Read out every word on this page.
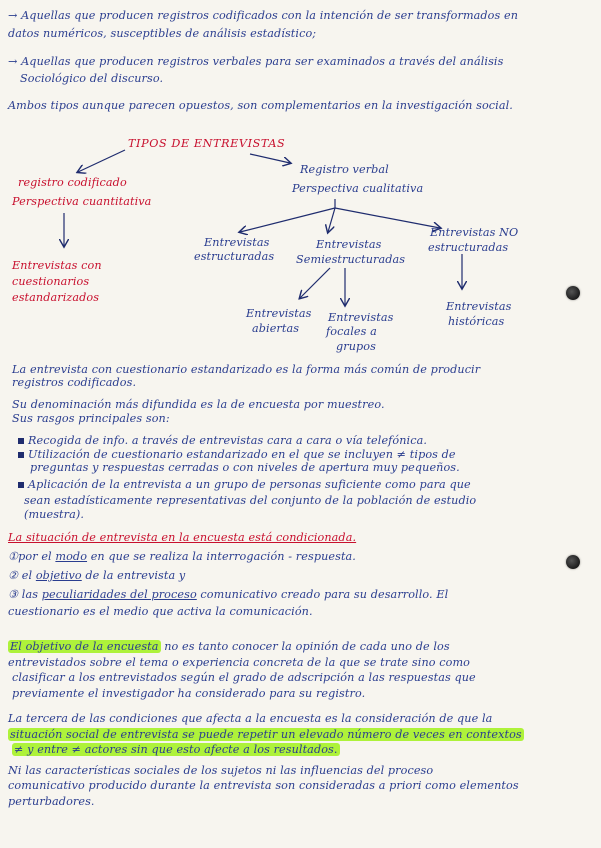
→ Aquellas que producen registros codificados con la intención de ser transformados en
datos numéricos, susceptibles de análisis estadístico;
→ Aquellas que producen registros verbales para ser examinados a través del análisis
Sociológico del discurso.
Ambos tipos aunque parecen opuestos, son complementarios en la investigación social.
TIPOS DE ENTREVISTAS
registro codificado
Perspectiva cuantitativa
Entrevistas con
cuestionarios
estandarizados
Registro verbal
Perspectiva cualitativa
Entrevistas
estructuradas
Entrevistas
Semiestructuradas
Entrevistas NO
estructuradas
Entrevistas
abiertas
Entrevistas
focales a
grupos
Entrevistas
históricas
La entrevista con cuestionario estandarizado es la forma más común de producir
registros codificados.
Su denominación más difundida es la de encuesta por muestreo.
Sus rasgos principales son:
Recogida de info. a través de entrevistas cara a cara o vía telefónica.
Utilización de cuestionario estandarizado en el que se incluyen ≠ tipos de
preguntas y respuestas cerradas o con niveles de apertura muy pequeños.
Aplicación de la entrevista a un grupo de personas suficiente como para que
sean estadísticamente representativas del conjunto de la población de estudio
(muestra).
La situación de entrevista en la encuesta está condicionada.
①por el modo en que se realiza la interrogación - respuesta.
② el objetivo de la entrevista y
③ las peculiaridades del proceso comunicativo creado para su desarrollo. El
cuestionario es el medio que activa la comunicación.
El objetivo de la encuesta no es tanto conocer la opinión de cada uno de los
entrevistados sobre el tema o experiencia concreta de la que se trate sino como
clasificar a los entrevistados según el grado de adscripción a las respuestas que
previamente el investigador ha considerado para su registro.
La tercera de las condiciones que afecta a la encuesta es la consideración de que la
situación social de entrevista se puede repetir un elevado número de veces en contextos
≠ y entre ≠ actores sin que esto afecte a los resultados.
Ni las características sociales de los sujetos ni las influencias del proceso
comunicativo producido durante la entrevista son consideradas a priori como elementos
perturbadores.
